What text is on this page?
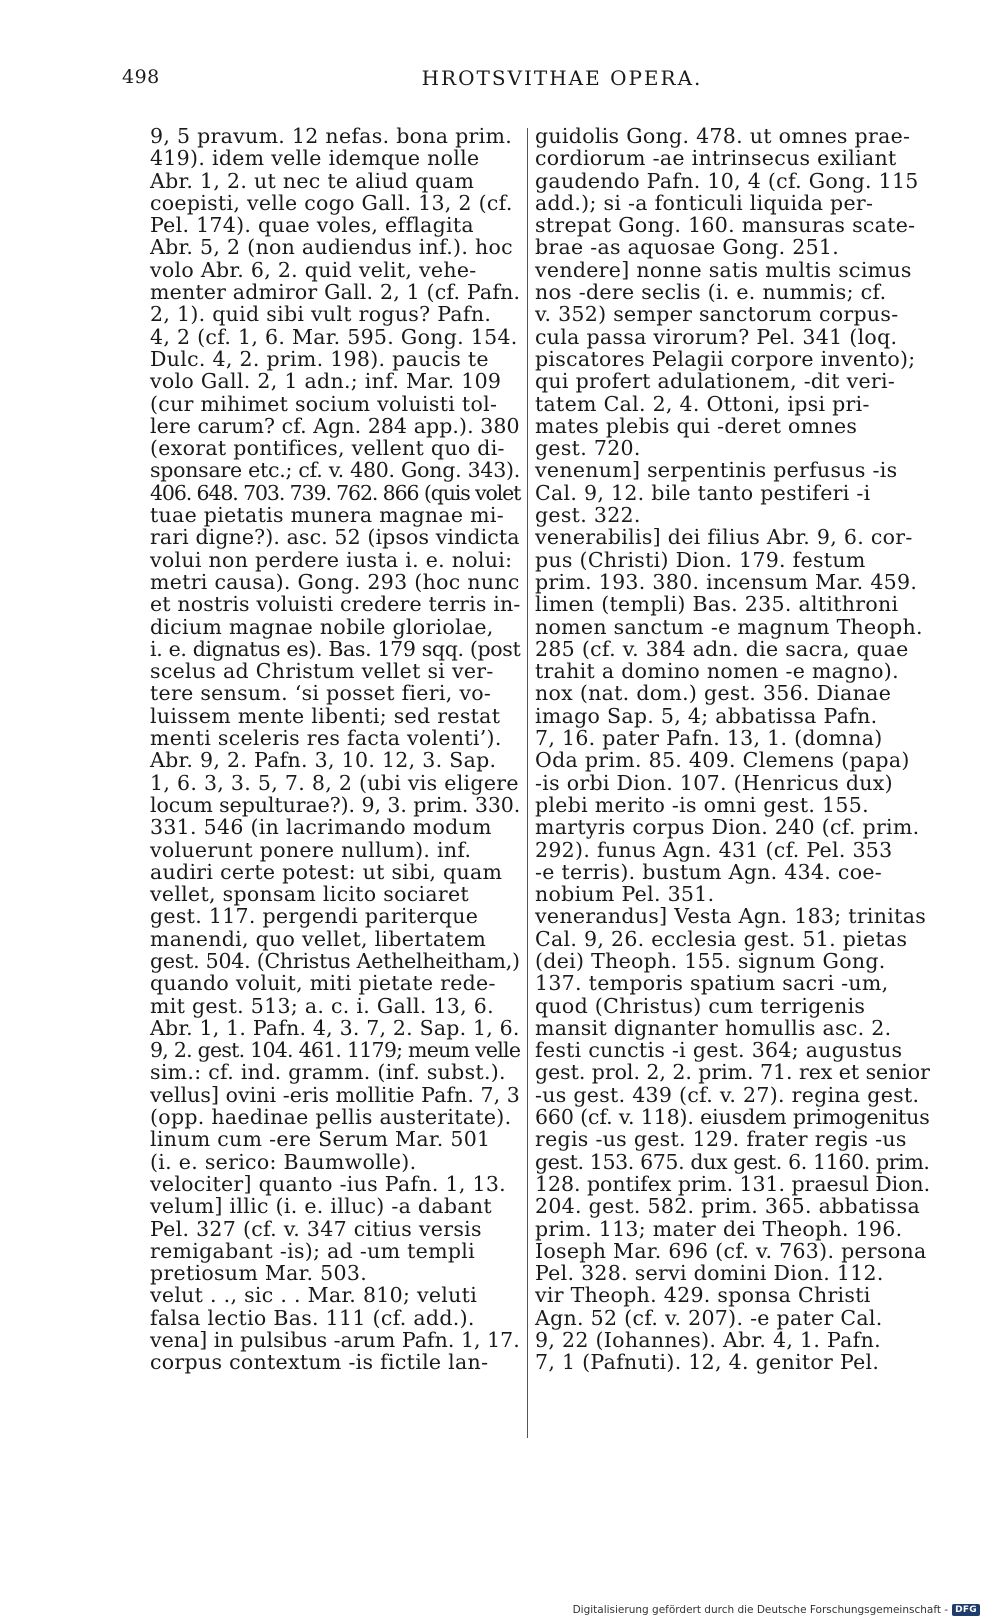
498	HROTSVITHAE OPERA.
9, 5 pravum. 12 nefas. bona prim.
419). idem velle idemque nolle
Abr. 1, 2. ut nec te aliud quam
coepisti, velle cogo Gall. 13, 2 (cf.
Pel. 174). quae voles, efflagita
Abr. 5, 2 (non audiendus inf.). hoc
volo Abr. 6, 2. quid velit, vehe-
menter admiror Gall. 2, 1 (cf. Pafn.
2, 1). quid sibi vult rogus? Pafn.
4, 2 (cf. 1, 6. Mar. 595. Gong. 154.
Dulc. 4, 2. prim. 198). paucis te
volo Gall. 2, 1 adn.; inf. Mar. 109
(cur mihimet socium voluisti tol-
lere carum? cf. Agn. 284 app.). 380
(exorat pontifices, vellent quo di-
sponsare etc.; cf. v. 480. Gong. 343).
406. 648. 703. 739. 762. 866 (quis volet
tuae pietatis munera magnae mi-
rari digne?). asc. 52 (ipsos vindicta
volui non perdere iusta i. e. nolui:
metri causa). Gong. 293 (hoc nunc
et nostris voluisti credere terris in-
dicium magnae nobile gloriolae,
i. e. dignatus es). Bas. 179 sqq. (post
scelus ad Christum vellet si ver-
tere sensum. ‘si posset fieri, vo-
luissem mente libenti; sed restat
menti sceleris res facta volenti’).
Abr. 9, 2. Pafn. 3, 10. 12, 3. Sap.
1, 6. 3, 3. 5, 7. 8, 2 (ubi vis eligere
locum sepulturae?). 9, 3. prim. 330.
331. 546 (in lacrimando modum
voluerunt ponere nullum). inf.
audiri certe potest: ut sibi, quam
vellet, sponsam licito sociaret
gest. 117. pergendi pariterque
manendi, quo vellet, libertatem
gest. 504. (Christus Aethelheitham,)
quando voluit, miti pietate rede-
mit gest. 513; a. c. i. Gall. 13, 6.
Abr. 1, 1. Pafn. 4, 3. 7, 2. Sap. 1, 6.
9, 2. gest. 104. 461. 1179; meum velle
sim.: cf. ind. gramm. (inf. subst.).
vellus] ovini -eris mollitie Pafn. 7, 3
(opp. haedinae pellis austeritate).
linum cum -ere Serum Mar. 501
(i. e. serico: Baumwolle).
velociter] quanto -ius Pafn. 1, 13.
velum] illic (i. e. illuc) -a dabant
Pel. 327 (cf. v. 347 citius versis
remigabant -is); ad -um templi
pretiosum Mar. 503.
velut . ., sic . . Mar. 810; veluti
falsa lectio Bas. 111 (cf. add.).
vena] in pulsibus -arum Pafn. 1, 17.
corpus contextum -is fictile lan-
guidolis Gong. 478. ut omnes prae-
cordiorum -ae intrinsecus exiliant
gaudendo Pafn. 10, 4 (cf. Gong. 115
add.); si -a fonticuli liquida per-
strepat Gong. 160. mansuras scate-
brae -as aquosae Gong. 251.
vendere] nonne satis multis scimus
nos -dere seclis (i. e. nummis; cf.
v. 352) semper sanctorum corpus-
cula passa virorum? Pel. 341 (loq.
piscatores Pelagii corpore invento);
qui profert adulationem, -dit veri-
tatem Cal. 2, 4. Ottoni, ipsi pri-
mates plebis qui -deret omnes
gest. 720.
venenum] serpentinis perfusus -is
Cal. 9, 12. bile tanto pestiferi -i
gest. 322.
venerabilis] dei filius Abr. 9, 6. cor-
pus (Christi) Dion. 179. festum
prim. 193. 380. incensum Mar. 459.
limen (templi) Bas. 235. altithroni
nomen sanctum -e magnum Theoph.
285 (cf. v. 384 adn. die sacra, quae
trahit a domino nomen -e magno).
nox (nat. dom.) gest. 356. Dianae
imago Sap. 5, 4; abbatissa Pafn.
7, 16. pater Pafn. 13, 1. (domna)
Oda prim. 85. 409. Clemens (papa)
-is orbi Dion. 107. (Henricus dux)
plebi merito -is omni gest. 155.
martyris corpus Dion. 240 (cf. prim.
292). funus Agn. 431 (cf. Pel. 353
-e terris). bustum Agn. 434. coe-
nobium Pel. 351.
venerandus] Vesta Agn. 183; trinitas
Cal. 9, 26. ecclesia gest. 51. pietas
(dei) Theoph. 155. signum Gong.
137. temporis spatium sacri -um,
quod (Christus) cum terrigenis
mansit dignanter homullis asc. 2.
festi cunctis -i gest. 364; augustus
gest. prol. 2, 2. prim. 71. rex et senior
-us gest. 439 (cf. v. 27). regina gest.
660 (cf. v. 118). eiusdem primogenitus
regis -us gest. 129. frater regis -us
gest. 153. 675. dux gest. 6. 1160. prim.
128. pontifex prim. 131. praesul Dion.
204. gest. 582. prim. 365. abbatissa
prim. 113; mater dei Theoph. 196.
Ioseph Mar. 696 (cf. v. 763). persona
Pel. 328. servi domini Dion. 112.
vir Theoph. 429. sponsa Christi
Agn. 52 (cf. v. 207). -e pater Cal.
9, 22 (Iohannes). Abr. 4, 1. Pafn.
7, 1 (Pafnuti). 12, 4. genitor Pel.
Digitalisierung gefördert durch die Deutsche Forschungsgemeinschaft - DFG
